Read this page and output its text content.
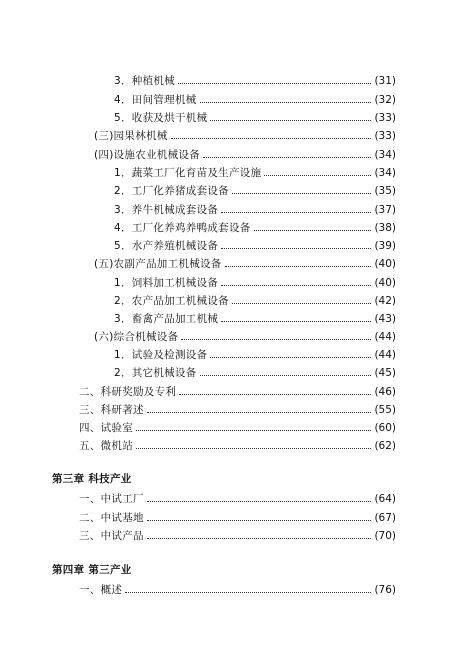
3．种植机械	(31)
4．田间管理机械	(32)
5．收获及烘干机械	(33)
(三)园果林机械	(33)
(四)设施农业机械设备	(34)
1．蔬菜工厂化育苗及生产设施	(34)
2．工厂化养猪成套设备	(35)
3．养牛机械成套设备	(37)
4．工厂化养鸡养鸭成套设备	(38)
5．水产养殖机械设备	(39)
(五)农副产品加工机械设备	(40)
1．饲料加工机械设备	(40)
2．农产品加工机械设备	(42)
3．畜禽产品加工机械	(43)
(六)综合机械设备	(44)
1．试验及检测设备	(44)
2．其它机械设备	(45)
二、科研奖励及专利	(46)
三、科研著述	(55)
四、试验室	(60)
五、微机站	(62)
第三章 科技产业
一、中试工厂	(64)
二、中试基地	(67)
三、中试产品	(70)
第四章 第三产业
一、概述	(76)
